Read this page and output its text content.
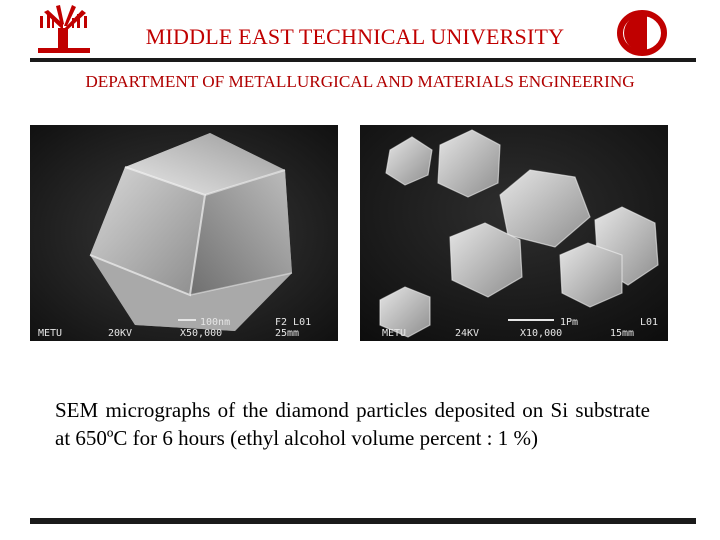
MIDDLE EAST TECHNICAL UNIVERSITY
DEPARTMENT OF METALLURGICAL AND MATERIALS ENGINEERING
METU	20KV
100nm
X50,000
F2 L01
25mm	METU	24KV
1Pm
X10,000
L01
15mm
SEM micrographs of the diamond particles deposited on Si substrate at 650ºC for 6 hours (ethyl alcohol volume percent : 1 %)
